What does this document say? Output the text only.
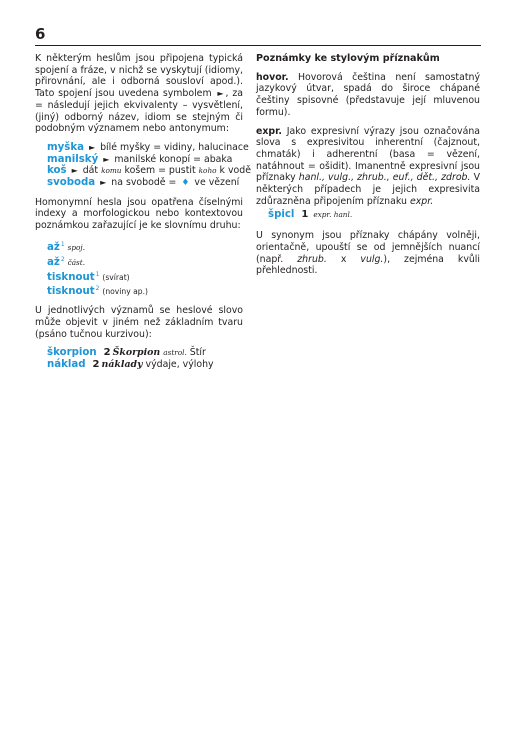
6

K některým heslům jsou připojena typická spojení a fráze, v nichž se vyskytují (idiomy, přirovnání, ale i odborná sousloví apod.). Tato spojení jsou uvedena symbolem ► , za = následují jejich ekvivalenty – vysvětlení, (jiný) odborný název, idiom se stejným či podobným významem nebo antonymum:

myška ► bílé myšky = vidiny, halucinace
manilský ► manilské konopí = abaka
koš ► dát komu košem = pustit koho k vodě
svoboda ► na svobodě = ♦ ve vězení

Homonymní hesla jsou opatřena číselnými indexy a morfologickou nebo kontextovou poznámkou zařazující je ke slovnímu druhu:

$až^1$ spoj.
$až^2$ část.
tisknout$^1$ (svírat)
tisknout$^2$ (noviny ap.)

U jednotlivých významů se heslové slovo může objevit v jiném než základním tvaru (psáno tučnou kurzivou):

škorpion 2 Škorpion astrol. Štír
náklad 2 náklady výdaje, výlohy
Poznámky ke stylovým příznakům

hovor. Hovorová čeština není samostatný jazykový útvar, spadá do široce chápané češtiny spisovné (představuje její mluvenou formu).

expr. Jako expresivní výrazy jsou označována slova s expresivitou inherentní (čajznout, chmaták) i adherentní (basa = vězení, natáhnout = ošidit). Imanentně expresivní jsou příznaky hanl., vulg., zhrub., euf., dět., zdrob. V některých případech je jejich expresivita zdůrazněna připojením příznaku expr.

špicl 1 expr. hanl.

U synonym jsou příznaky chápány volněji, orientačně, upouští se od jemnějších nuancí (např. zhrub. x vulg.), zejména kvůli přehlednosti.
